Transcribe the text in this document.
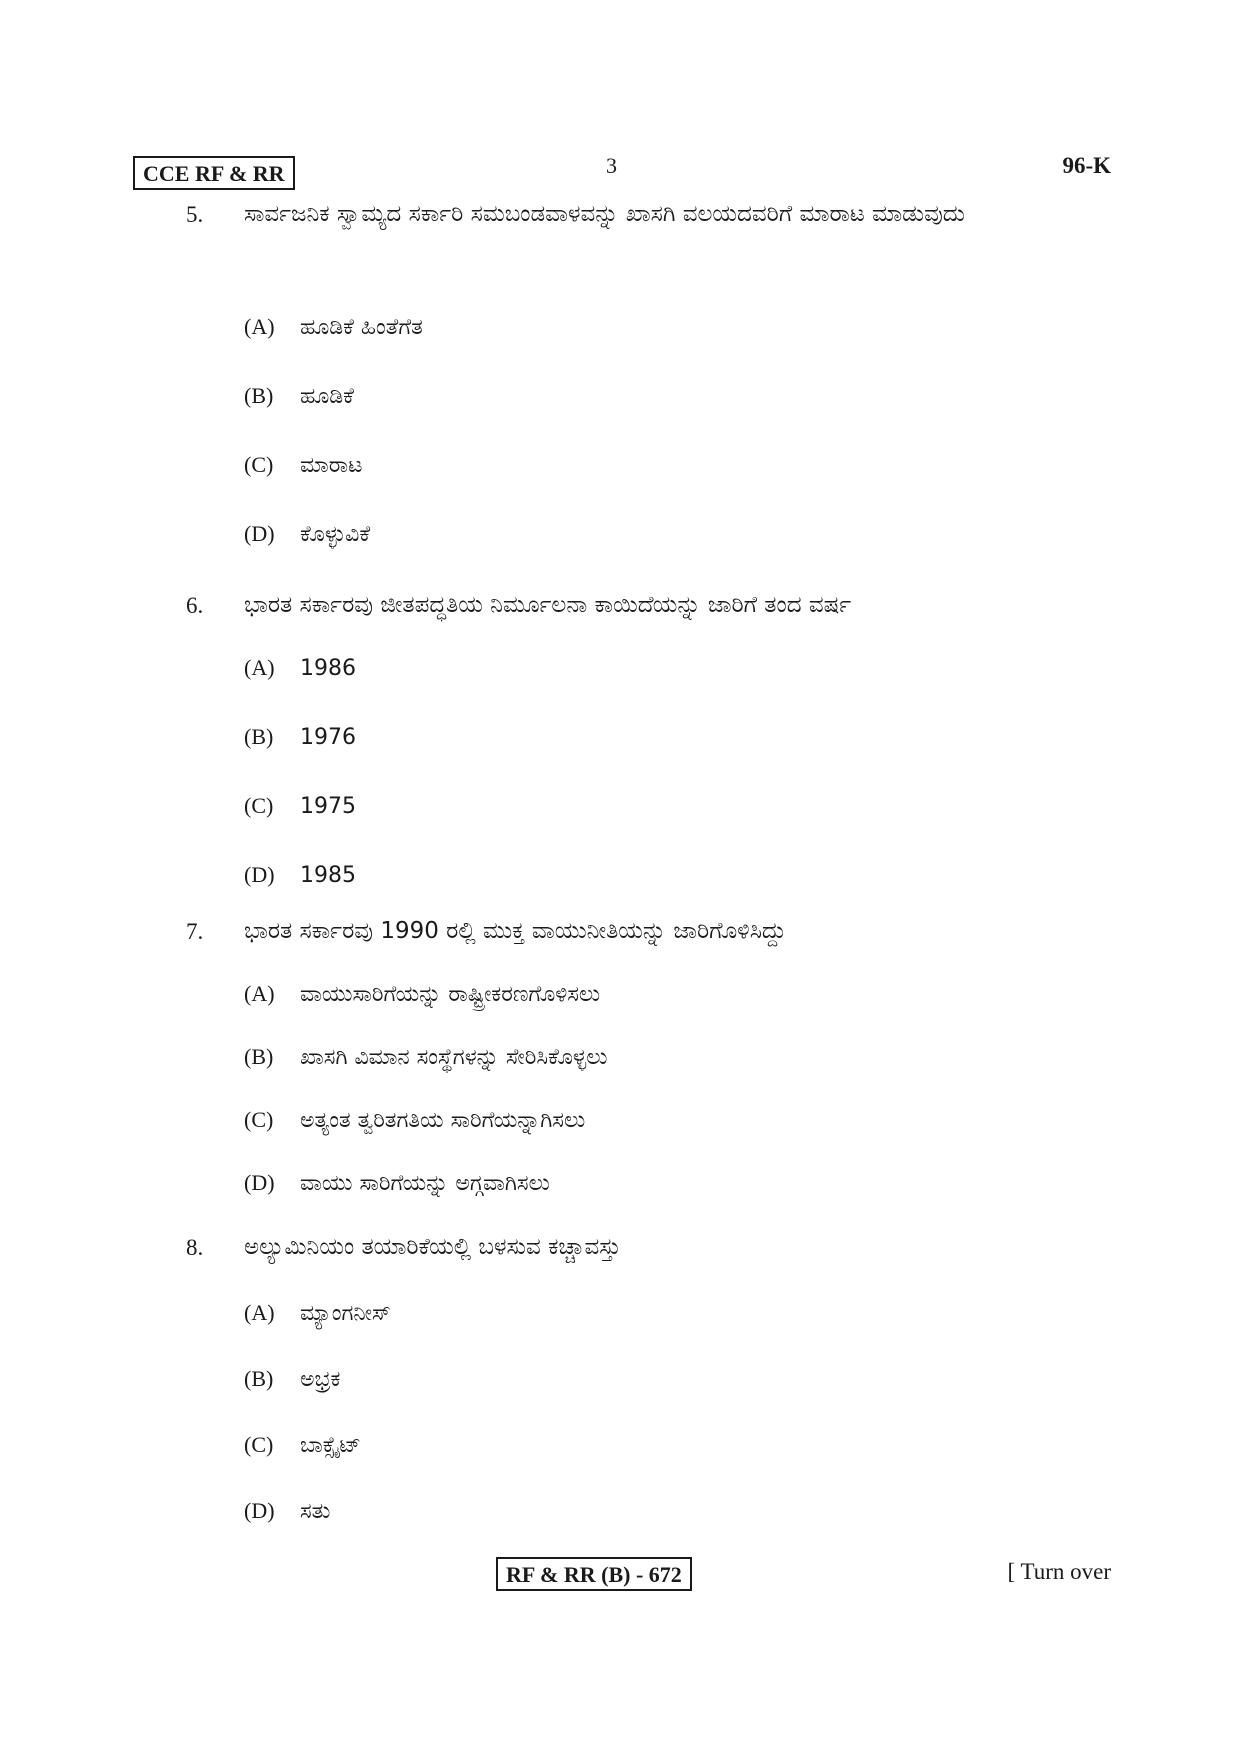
CCE RF & RR	3	96-K
5.	ಸಾರ್ವಜನಿಕ ಸ್ವಾಮ್ಯದ ಸರ್ಕಾರಿ ಸಮಬಂಡವಾಳವನ್ನು ಖಾಸಗಿ ವಲಯದವರಿಗೆ ಮಾರಾಟ ಮಾಡುವುದು
(A) ಹೂಡಿಕೆ ಹಿಂತೆಗೆತ
(B) ಹೂಡಿಕೆ
(C) ಮಾರಾಟ
(D) ಕೊಳ್ಳುವಿಕೆ
6.	ಭಾರತ ಸರ್ಕಾರವು ಜೀತಪದ್ಧತಿಯ ನಿರ್ಮೂಲನಾ ಕಾಯಿದೆಯನ್ನು ಜಾರಿಗೆ ತಂದ ವರ್ಷ
(A) 1986
(B) 1976
(C) 1975
(D) 1985
7.	ಭಾರತ ಸರ್ಕಾರವು 1990 ರಲ್ಲಿ ಮುಕ್ತ ವಾಯುನೀತಿಯನ್ನು ಜಾರಿಗೊಳಿಸಿದ್ದು
(A) ವಾಯುಸಾರಿಗೆಯನ್ನು ರಾಷ್ಟ್ರೀಕರಣಗೊಳಿಸಲು
(B) ಖಾಸಗಿ ವಿಮಾನ ಸಂಸ್ಥೆಗಳನ್ನು ಸೇರಿಸಿಕೊಳ್ಳಲು
(C) ಅತ್ಯಂತ ತ್ವರಿತಗತಿಯ ಸಾರಿಗೆಯನ್ನಾಗಿಸಲು
(D) ವಾಯು ಸಾರಿಗೆಯನ್ನು ಅಗ್ಗವಾಗಿಸಲು
8.	ಅಲ್ಯುಮಿನಿಯಂ ತಯಾರಿಕೆಯಲ್ಲಿ ಬಳಸುವ ಕಚ್ಚಾವಸ್ತು
(A) ಮ್ಯಾಂಗನೀಸ್
(B) ಅಭ್ರಕ
(C) ಬಾಕ್ಸೈಟ್
(D) ಸತು
RF & RR (B) - 672	[ Turn over
